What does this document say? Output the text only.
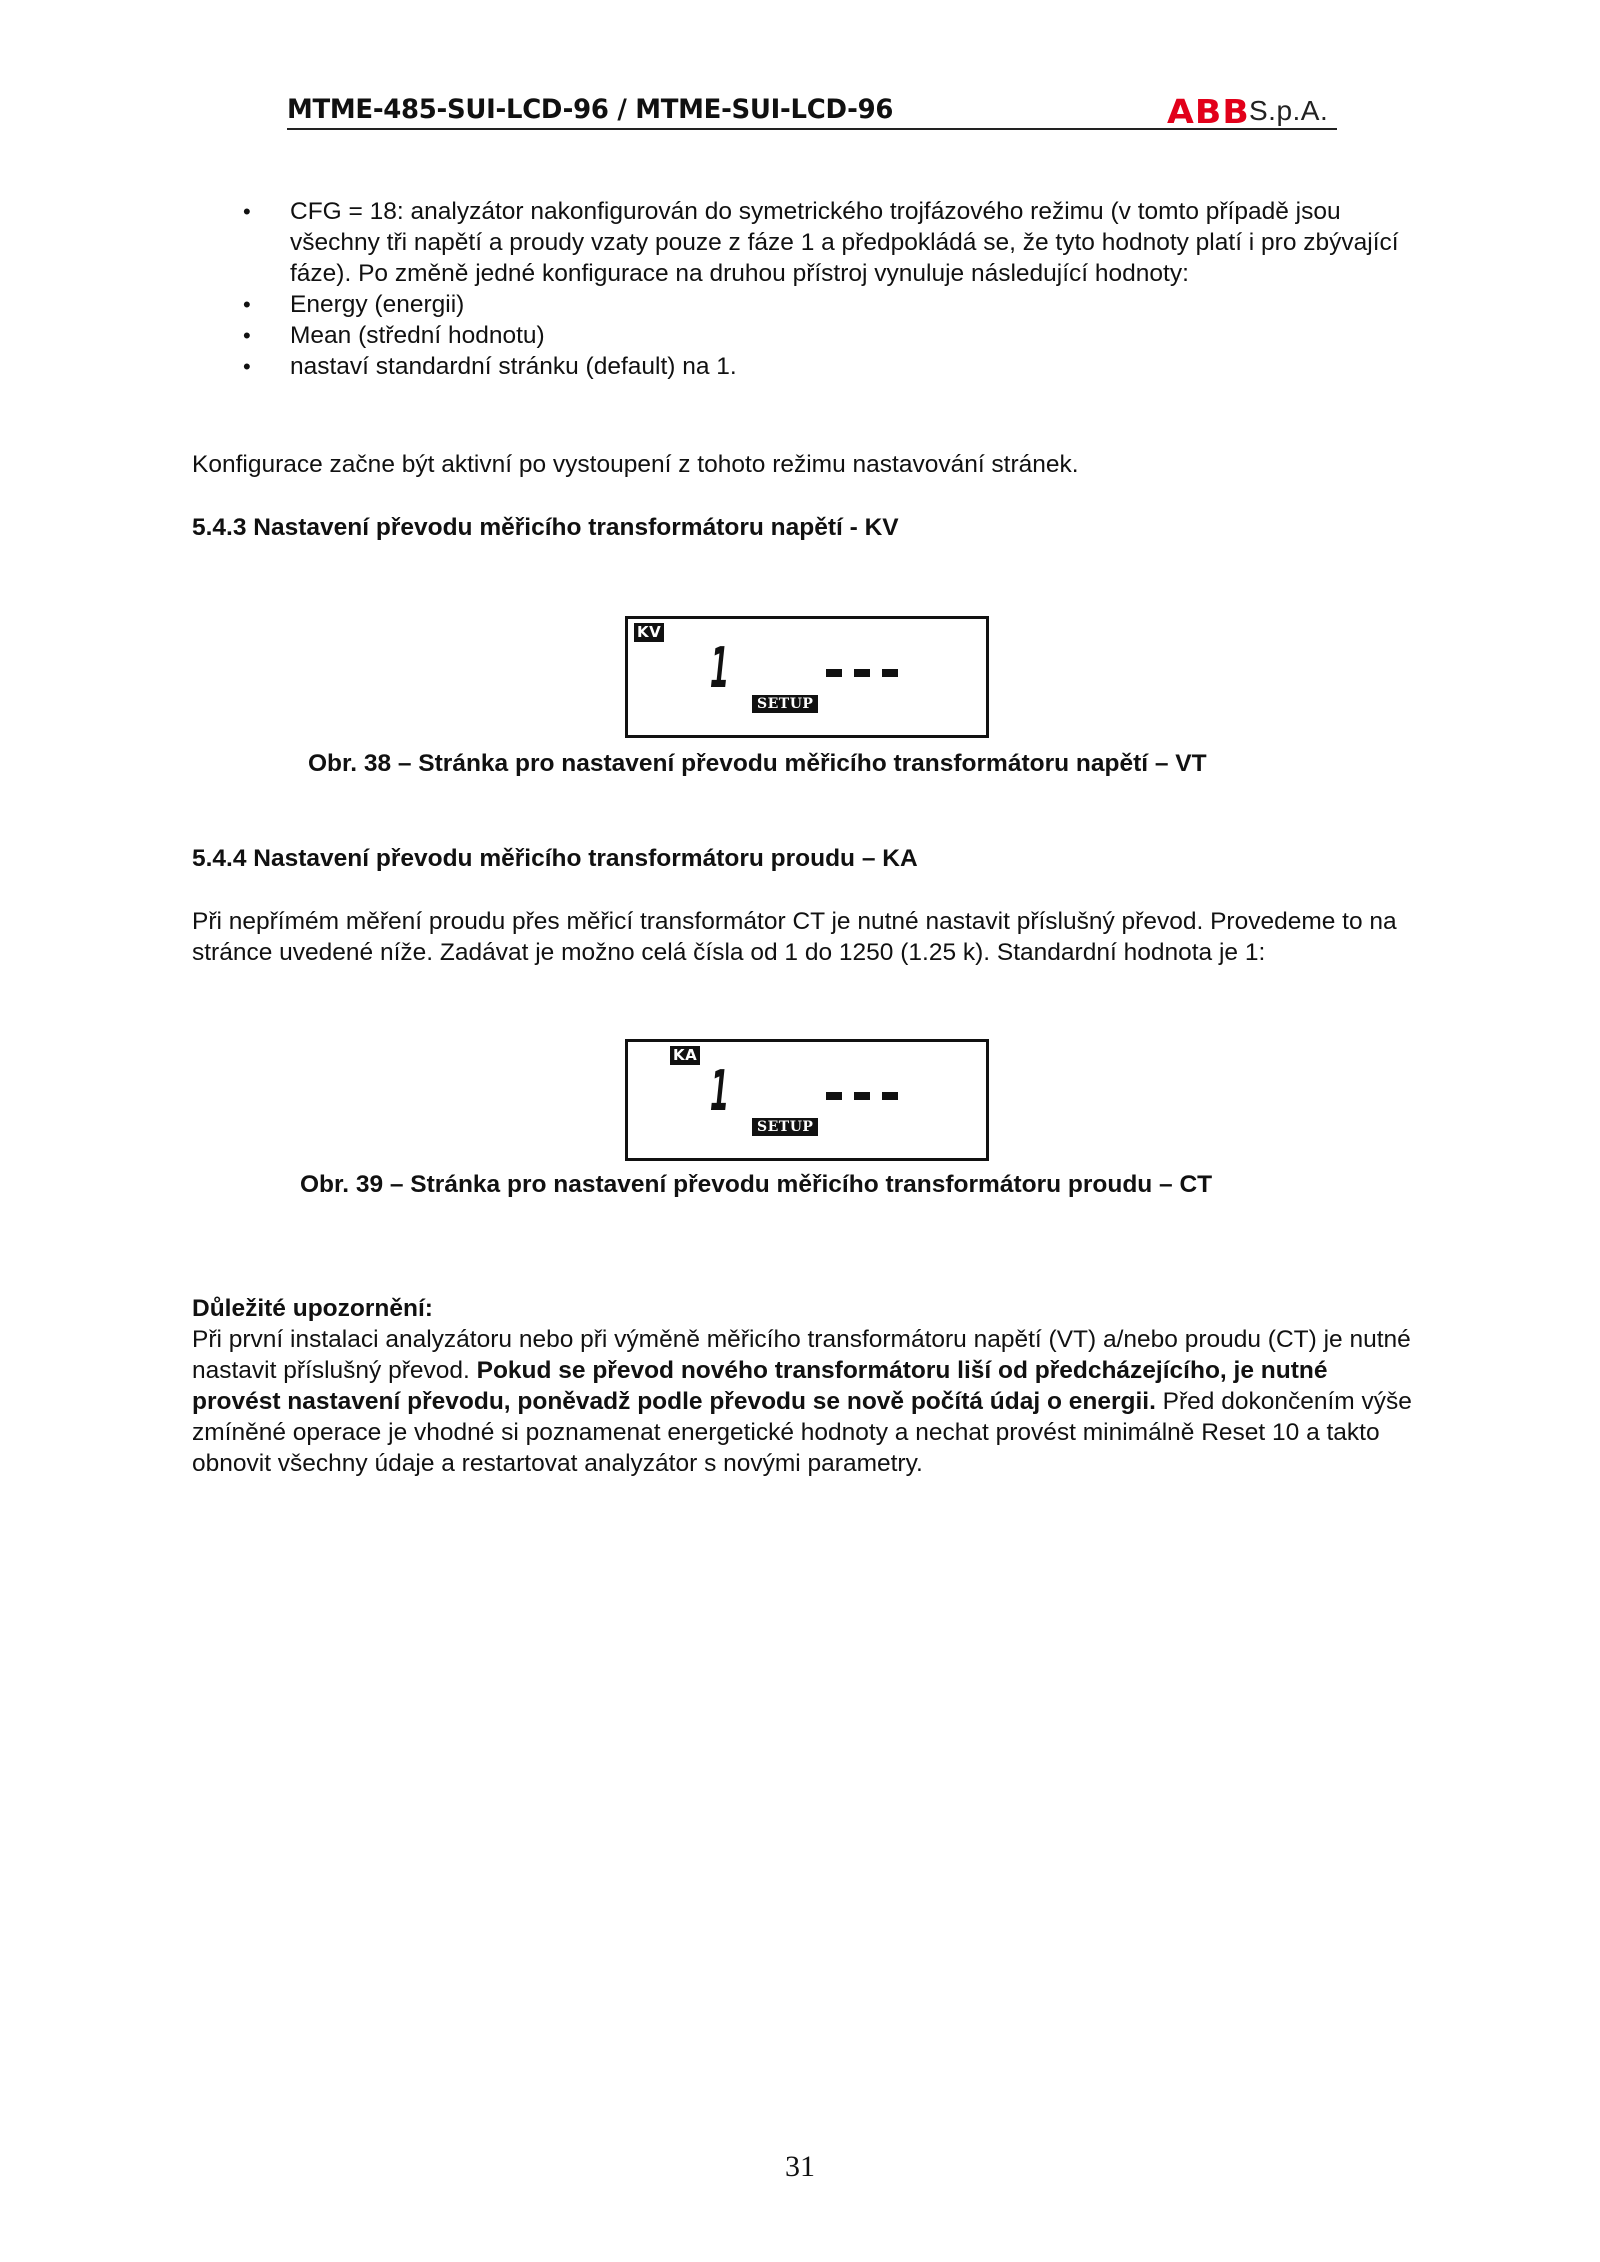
MTME-485-SUI-LCD-96 / MTME-SUI-LCD-96	ABB S.p.A.
• CFG = 18: analyzátor nakonfigurován do symetrického trojfázového režimu (v tomto případě jsou všechny tři napětí a proudy vzaty pouze z fáze 1 a předpokládá se, že tyto hodnoty platí i pro zbývající fáze). Po změně jedné konfigurace na druhou přístroj vynuluje následující hodnoty:
• Energy (energii)
• Mean (střední hodnotu)
• nastaví standardní stránku (default) na 1.
Konfigurace začne být aktivní po vystoupení z tohoto režimu nastavování stránek.
5.4.3 Nastavení převodu měřicího transformátoru napětí - KV
KV
1
SETUP
Obr. 38 – Stránka pro nastavení převodu měřicího transformátoru napětí – VT
5.4.4 Nastavení převodu měřicího transformátoru proudu – KA
Při nepřímém měření proudu přes měřicí transformátor CT je nutné nastavit příslušný převod. Provedeme to na stránce uvedené níže. Zadávat je možno celá čísla od 1 do 1250 (1.25 k). Standardní hodnota je 1:
KA
1
SETUP
Obr. 39 – Stránka pro nastavení převodu měřicího transformátoru proudu – CT
Důležité upozornění:
Při první instalaci analyzátoru nebo při výměně měřicího transformátoru napětí (VT) a/nebo proudu (CT) je nutné nastavit příslušný převod. Pokud se převod nového transformátoru liší od předcházejícího, je nutné provést nastavení převodu, poněvadž podle převodu se nově počítá údaj o energii. Před dokončením výše zmíněné operace je vhodné si poznamenat energetické hodnoty a nechat provést minimálně Reset 10 a takto obnovit všechny údaje a restartovat analyzátor s novými parametry.
31
